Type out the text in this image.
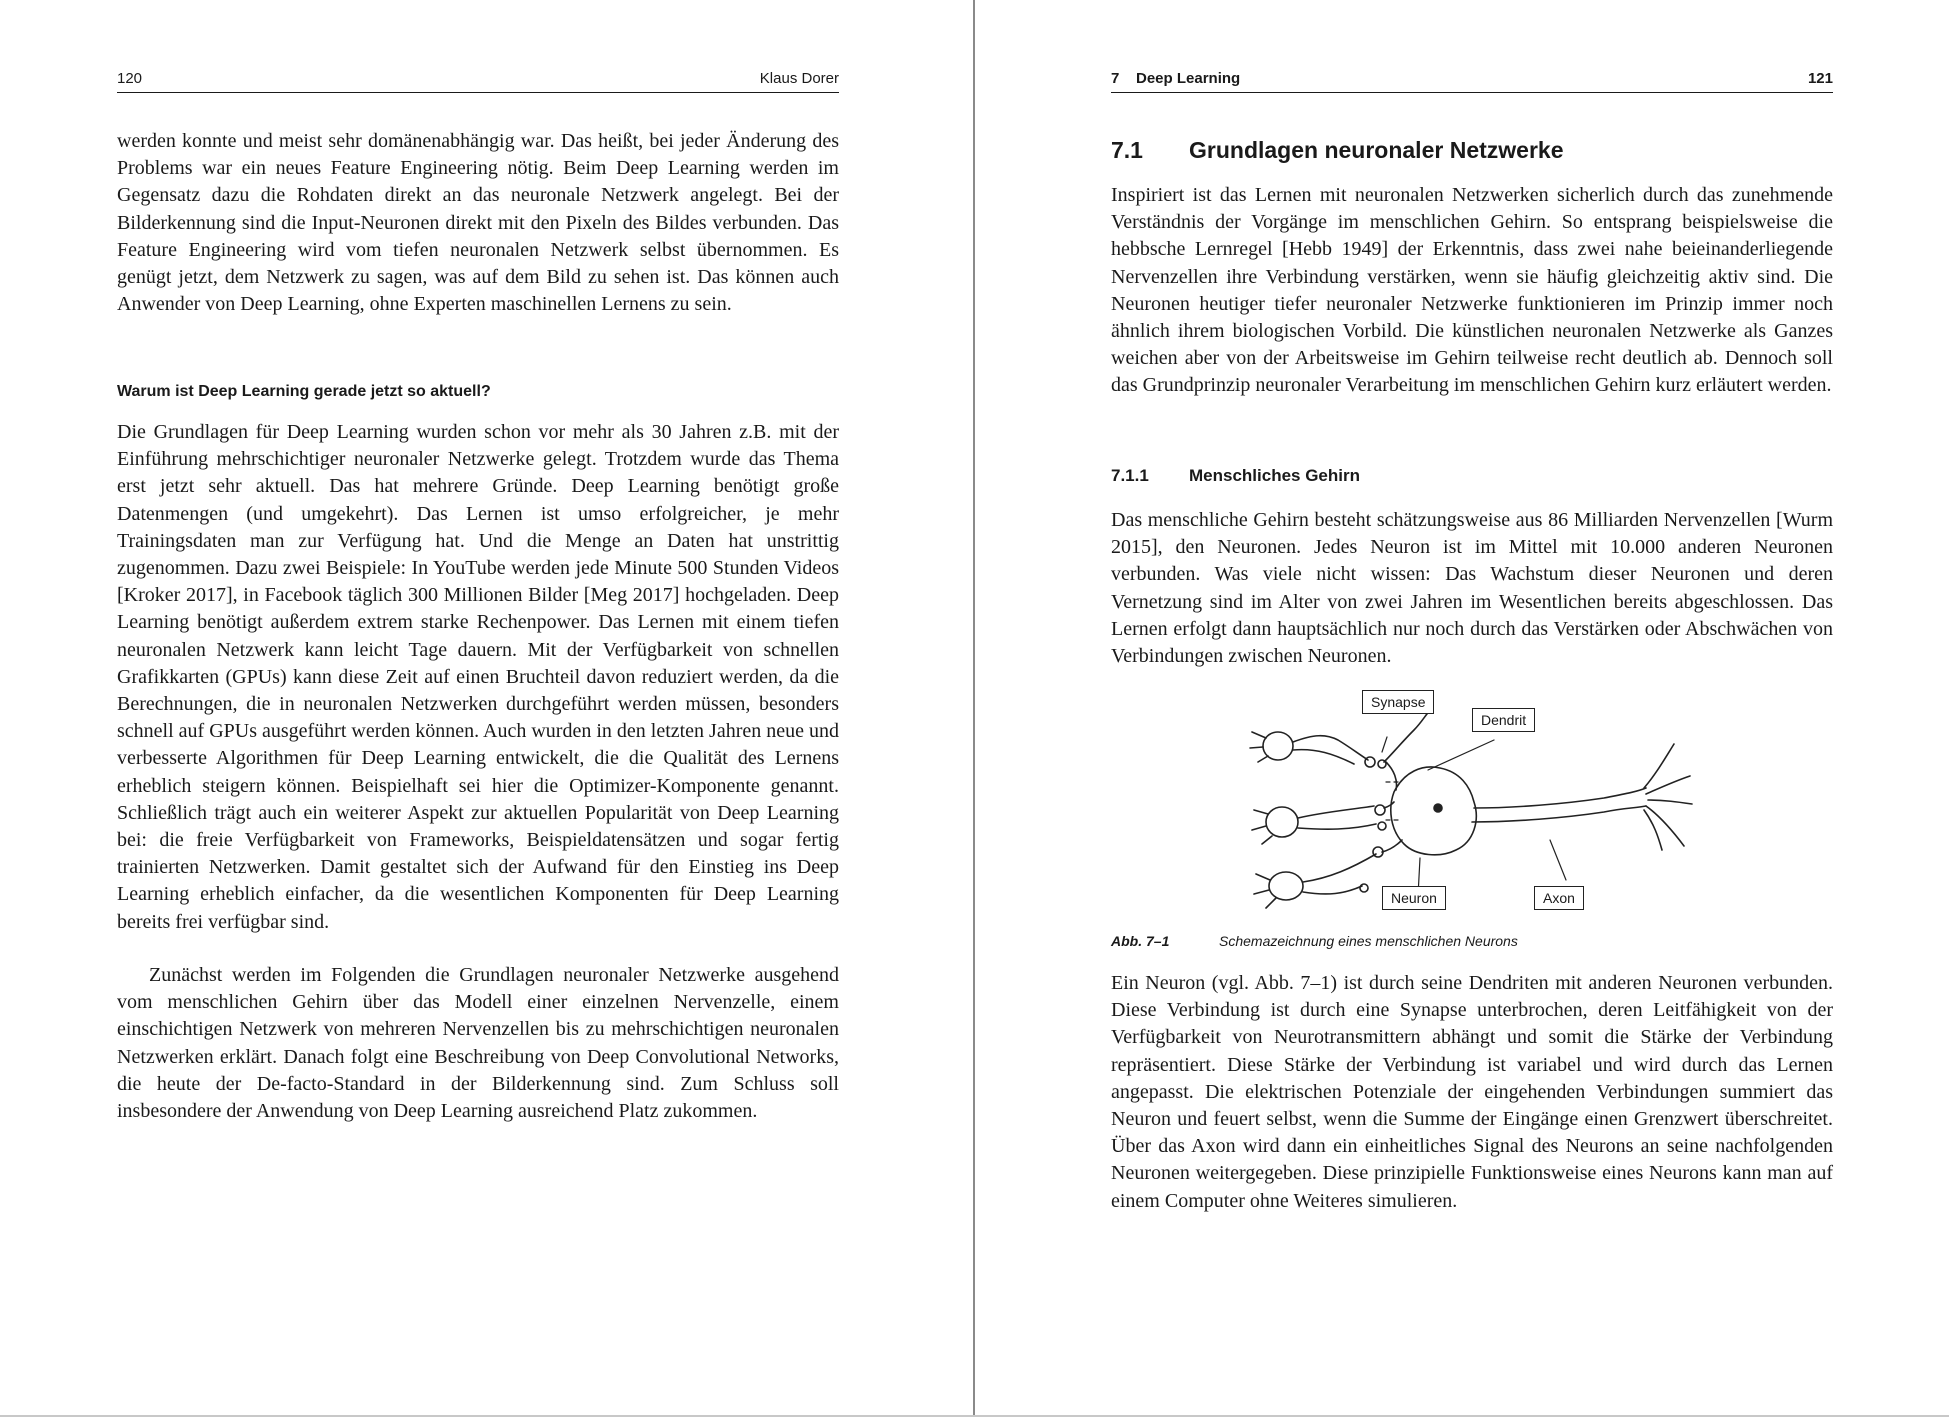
120	Klaus Dorer

werden konnte und meist sehr domänenabhängig war. Das heißt, bei jeder Änderung des Problems war ein neues Feature Engineering nötig. Beim Deep Learning werden im Gegensatz dazu die Rohdaten direkt an das neuronale Netzwerk angelegt. Bei der Bilderkennung sind die Input-Neuronen direkt mit den Pixeln des Bildes verbunden. Das Feature Engineering wird vom tiefen neuronalen Netzwerk selbst übernommen. Es genügt jetzt, dem Netzwerk zu sagen, was auf dem Bild zu sehen ist. Das können auch Anwender von Deep Learning, ohne Experten maschinellen Lernens zu sein.

Warum ist Deep Learning gerade jetzt so aktuell?

Die Grundlagen für Deep Learning wurden schon vor mehr als 30 Jahren z.B. mit der Einführung mehrschichtiger neuronaler Netzwerke gelegt. Trotzdem wurde das Thema erst jetzt sehr aktuell. Das hat mehrere Gründe. Deep Learning benötigt große Datenmengen (und umgekehrt). Das Lernen ist umso erfolgreicher, je mehr Trainingsdaten man zur Verfügung hat. Und die Menge an Daten hat unstrittig zugenommen. Dazu zwei Beispiele: In YouTube werden jede Minute 500 Stunden Videos [Kroker 2017], in Facebook täglich 300 Millionen Bilder [Meg 2017] hochgeladen. Deep Learning benötigt außerdem extrem starke Rechenpower. Das Lernen mit einem tiefen neuronalen Netzwerk kann leicht Tage dauern. Mit der Verfügbarkeit von schnellen Grafikkarten (GPUs) kann diese Zeit auf einen Bruchteil davon reduziert werden, da die Berechnungen, die in neuronalen Netzwerken durchgeführt werden müssen, besonders schnell auf GPUs ausgeführt werden können. Auch wurden in den letzten Jahren neue und verbesserte Algorithmen für Deep Learning entwickelt, die die Qualität des Lernens erheblich steigern können. Beispielhaft sei hier die Optimizer-Komponente genannt. Schließlich trägt auch ein weiterer Aspekt zur aktuellen Popularität von Deep Learning bei: die freie Verfügbarkeit von Frameworks, Beispieldatensätzen und sogar fertig trainierten Netzwerken. Damit gestaltet sich der Aufwand für den Einstieg ins Deep Learning erheblich einfacher, da die wesentlichen Komponenten für Deep Learning bereits frei verfügbar sind.

Zunächst werden im Folgenden die Grundlagen neuronaler Netzwerke ausgehend vom menschlichen Gehirn über das Modell einer einzelnen Nervenzelle, einem einschichtigen Netzwerk von mehreren Nervenzellen bis zu mehrschichtigen neuronalen Netzwerken erklärt. Danach folgt eine Beschreibung von Deep Convolutional Networks, die heute der De-facto-Standard in der Bilderkennung sind. Zum Schluss soll insbesondere der Anwendung von Deep Learning ausreichend Platz zukommen.

7 Deep Learning	121
7.1 Grundlagen neuronaler Netzwerke

Inspiriert ist das Lernen mit neuronalen Netzwerken sicherlich durch das zunehmende Verständnis der Vorgänge im menschlichen Gehirn. So entsprang beispielsweise die hebbsche Lernregel [Hebb 1949] der Erkenntnis, dass zwei nahe beieinanderliegende Nervenzellen ihre Verbindung verstärken, wenn sie häufig gleichzeitig aktiv sind. Die Neuronen heutiger tiefer neuronaler Netzwerke funktionieren im Prinzip immer noch ähnlich ihrem biologischen Vorbild. Die künstlichen neuronalen Netzwerke als Ganzes weichen aber von der Arbeitsweise im Gehirn teilweise recht deutlich ab. Dennoch soll das Grundprinzip neuronaler Verarbeitung im menschlichen Gehirn kurz erläutert werden.

7.1.1 Menschliches Gehirn

Das menschliche Gehirn besteht schätzungsweise aus 86 Milliarden Nervenzellen [Wurm 2015], den Neuronen. Jedes Neuron ist im Mittel mit 10.000 anderen Neuronen verbunden. Was viele nicht wissen: Das Wachstum dieser Neuronen und deren Vernetzung sind im Alter von zwei Jahren im Wesentlichen bereits abgeschlossen. Das Lernen erfolgt dann hauptsächlich nur noch durch das Verstärken oder Abschwächen von Verbindungen zwischen Neuronen.

Synapse
Dendrit
Neuron	Axon
Abb. 7–1	Schemazeichnung eines menschlichen Neurons

Ein Neuron (vgl. Abb. 7–1) ist durch seine Dendriten mit anderen Neuronen verbunden. Diese Verbindung ist durch eine Synapse unterbrochen, deren Leitfähigkeit von der Verfügbarkeit von Neurotransmittern abhängt und somit die Stärke der Verbindung repräsentiert. Diese Stärke der Verbindung ist variabel und wird durch das Lernen angepasst. Die elektrischen Potenziale der eingehenden Verbindungen summiert das Neuron und feuert selbst, wenn die Summe der Eingänge einen Grenzwert überschreitet. Über das Axon wird dann ein einheitliches Signal des Neurons an seine nachfolgenden Neuronen weitergegeben. Diese prinzipielle Funktionsweise eines Neurons kann man auf einem Computer ohne Weiteres simulieren.
